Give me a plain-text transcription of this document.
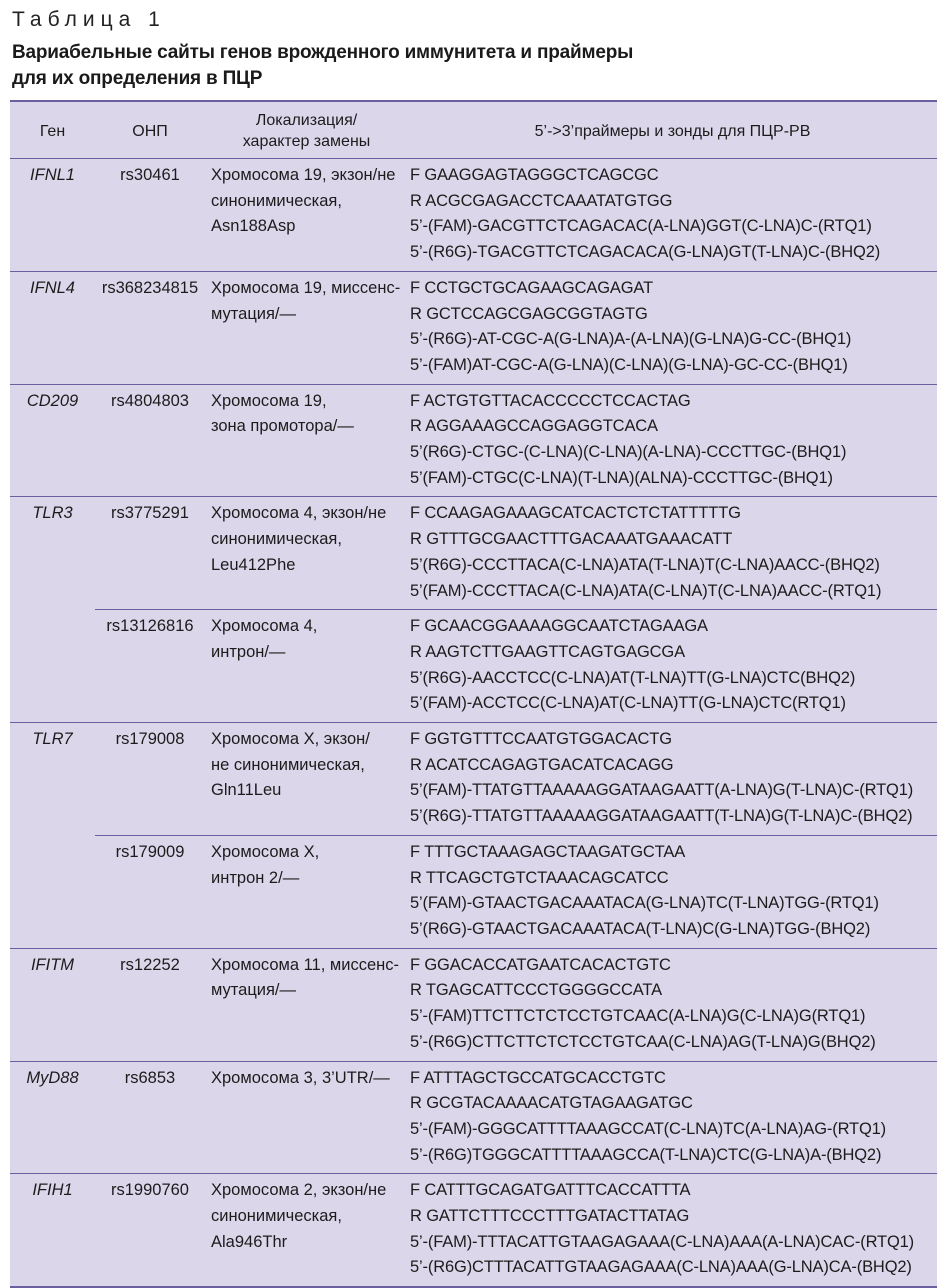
Таблица 1
Вариабельные сайты генов врожденного иммунитета и праймеры
для их определения в ПЦР
Ген	ОНП	Локализация/
характер замены	5’->3’праймеры и зонды для ПЦР-РВ
IFNL1	rs30461	Хромосома 19, экзон/не
синонимическая,
Asn188Asp	F GAAGGAGTAGGGCTCAGCGC
R ACGCGAGACCTCAAATATGTGG
5’-(FAM)-GACGTTCTCAGACAC(A-LNA)GGT(C-LNA)C-(RTQ1)
5’-(R6G)-TGACGTTCTCAGACACA(G-LNA)GT(T-LNA)C-(BHQ2)

IFNL4	rs368234815	Хромосома 19, миссенс-
мутация/—	F CCTGCTGCAGAAGCAGAGAT
R GCTCCAGCGAGCGGTAGTG
5’-(R6G)-AT-CGC-A(G-LNA)A-(A-LNA)(G-LNA)G-CC-(BHQ1)
5’-(FAM)AT-CGC-A(G-LNA)(C-LNA)(G-LNA)-GC-CC-(BHQ1)

CD209	rs4804803	Хромосома 19,
зона промотора/—	F ACTGTGTTACACCCCCTCCACTAG
R AGGAAAGCCAGGAGGTCACA
5’(R6G)-CTGC-(C-LNA)(C-LNA)(A-LNA)-CCCTTGC-(BHQ1)
5’(FAM)-CTGC(C-LNA)(T-LNA)(ALNA)-CCCTTGC-(BHQ1)

TLR3	rs3775291	Хромосома 4, экзон/не
синонимическая,
Leu412Phe	F CCAAGAGAAAGCATCACTCTCTATTTTTG
R GTTTGCGAACTTTGACAAATGAAACATT
5’(R6G)-CCCTTACA(C-LNA)ATA(T-LNA)T(C-LNA)AACC-(BHQ2)
5’(FAM)-CCCTTACA(C-LNA)ATA(C-LNA)T(C-LNA)AACC-(RTQ1)

	rs13126816	Хромосома 4,
интрон/—	F GCAACGGAAAAGGCAATCTAGAAGA
R AAGTCTTGAAGTTCAGTGAGCGA
5’(R6G)-AACCTCC(C-LNA)AT(T-LNA)TT(G-LNA)CTC(BHQ2)
5’(FAM)-ACCTCC(C-LNA)AT(C-LNA)TT(G-LNA)CTC(RTQ1)

TLR7	rs179008	Хромосома X, экзон/
не синонимическая,
Gln11Leu	F GGTGTTTCCAATGTGGACACTG
R ACATCCAGAGTGACATCACAGG
5’(FAM)-TTATGTTAAAAAGGATAAGAATT(A-LNA)G(T-LNA)C-(RTQ1)
5’(R6G)-TTATGTTAAAAAGGATAAGAATT(T-LNA)G(T-LNA)C-(BHQ2)

	rs179009	Хромосома X,
интрон 2/—	F TTTGCTAAAGAGCTAAGATGCTAA
R TTCAGCTGTCTAAACAGCATCC
5’(FAM)-GTAACTGACAAATACA(G-LNA)TC(T-LNA)TGG-(RTQ1)
5’(R6G)-GTAACTGACAAATACA(T-LNA)C(G-LNA)TGG-(BHQ2)

IFITM	rs12252	Хромосома 11, миссенс-
мутация/—	F GGACACCATGAATCACACTGTC
R TGAGCATTCCCTGGGGCCATA
5’-(FAM)TTCTTCTCTCCTGTCAAC(A-LNA)G(C-LNA)G(RTQ1)
5’-(R6G)CTTCTTCTCTCCTGTCAA(C-LNA)AG(T-LNA)G(BHQ2)

MyD88	rs6853	Хромосома 3, 3’UTR/—	F ATTTAGCTGCCATGCACCTGTC
R GCGTACAAAACATGTAGAAGATGC
5’-(FAM)-GGGCATTTTAAAGCCAT(C-LNA)TC(A-LNA)AG-(RTQ1)
5’-(R6G)TGGGCATTTTAAAGCCA(T-LNA)CTC(G-LNA)A-(BHQ2)

IFIH1	rs1990760	Хромосома 2, экзон/не
синонимическая,
Ala946Thr	F CATTTGCAGATGATTTCACCATTTA
R GATTCTTTCCCTTTGATACTTATAG
5’-(FAM)-TTTACATTGTAAGAGAAA(C-LNA)AAA(A-LNA)CAC-(RTQ1)
5’-(R6G)CTTTACATTGTAAGAGAAA(C-LNA)AAA(G-LNA)CA-(BHQ2)
